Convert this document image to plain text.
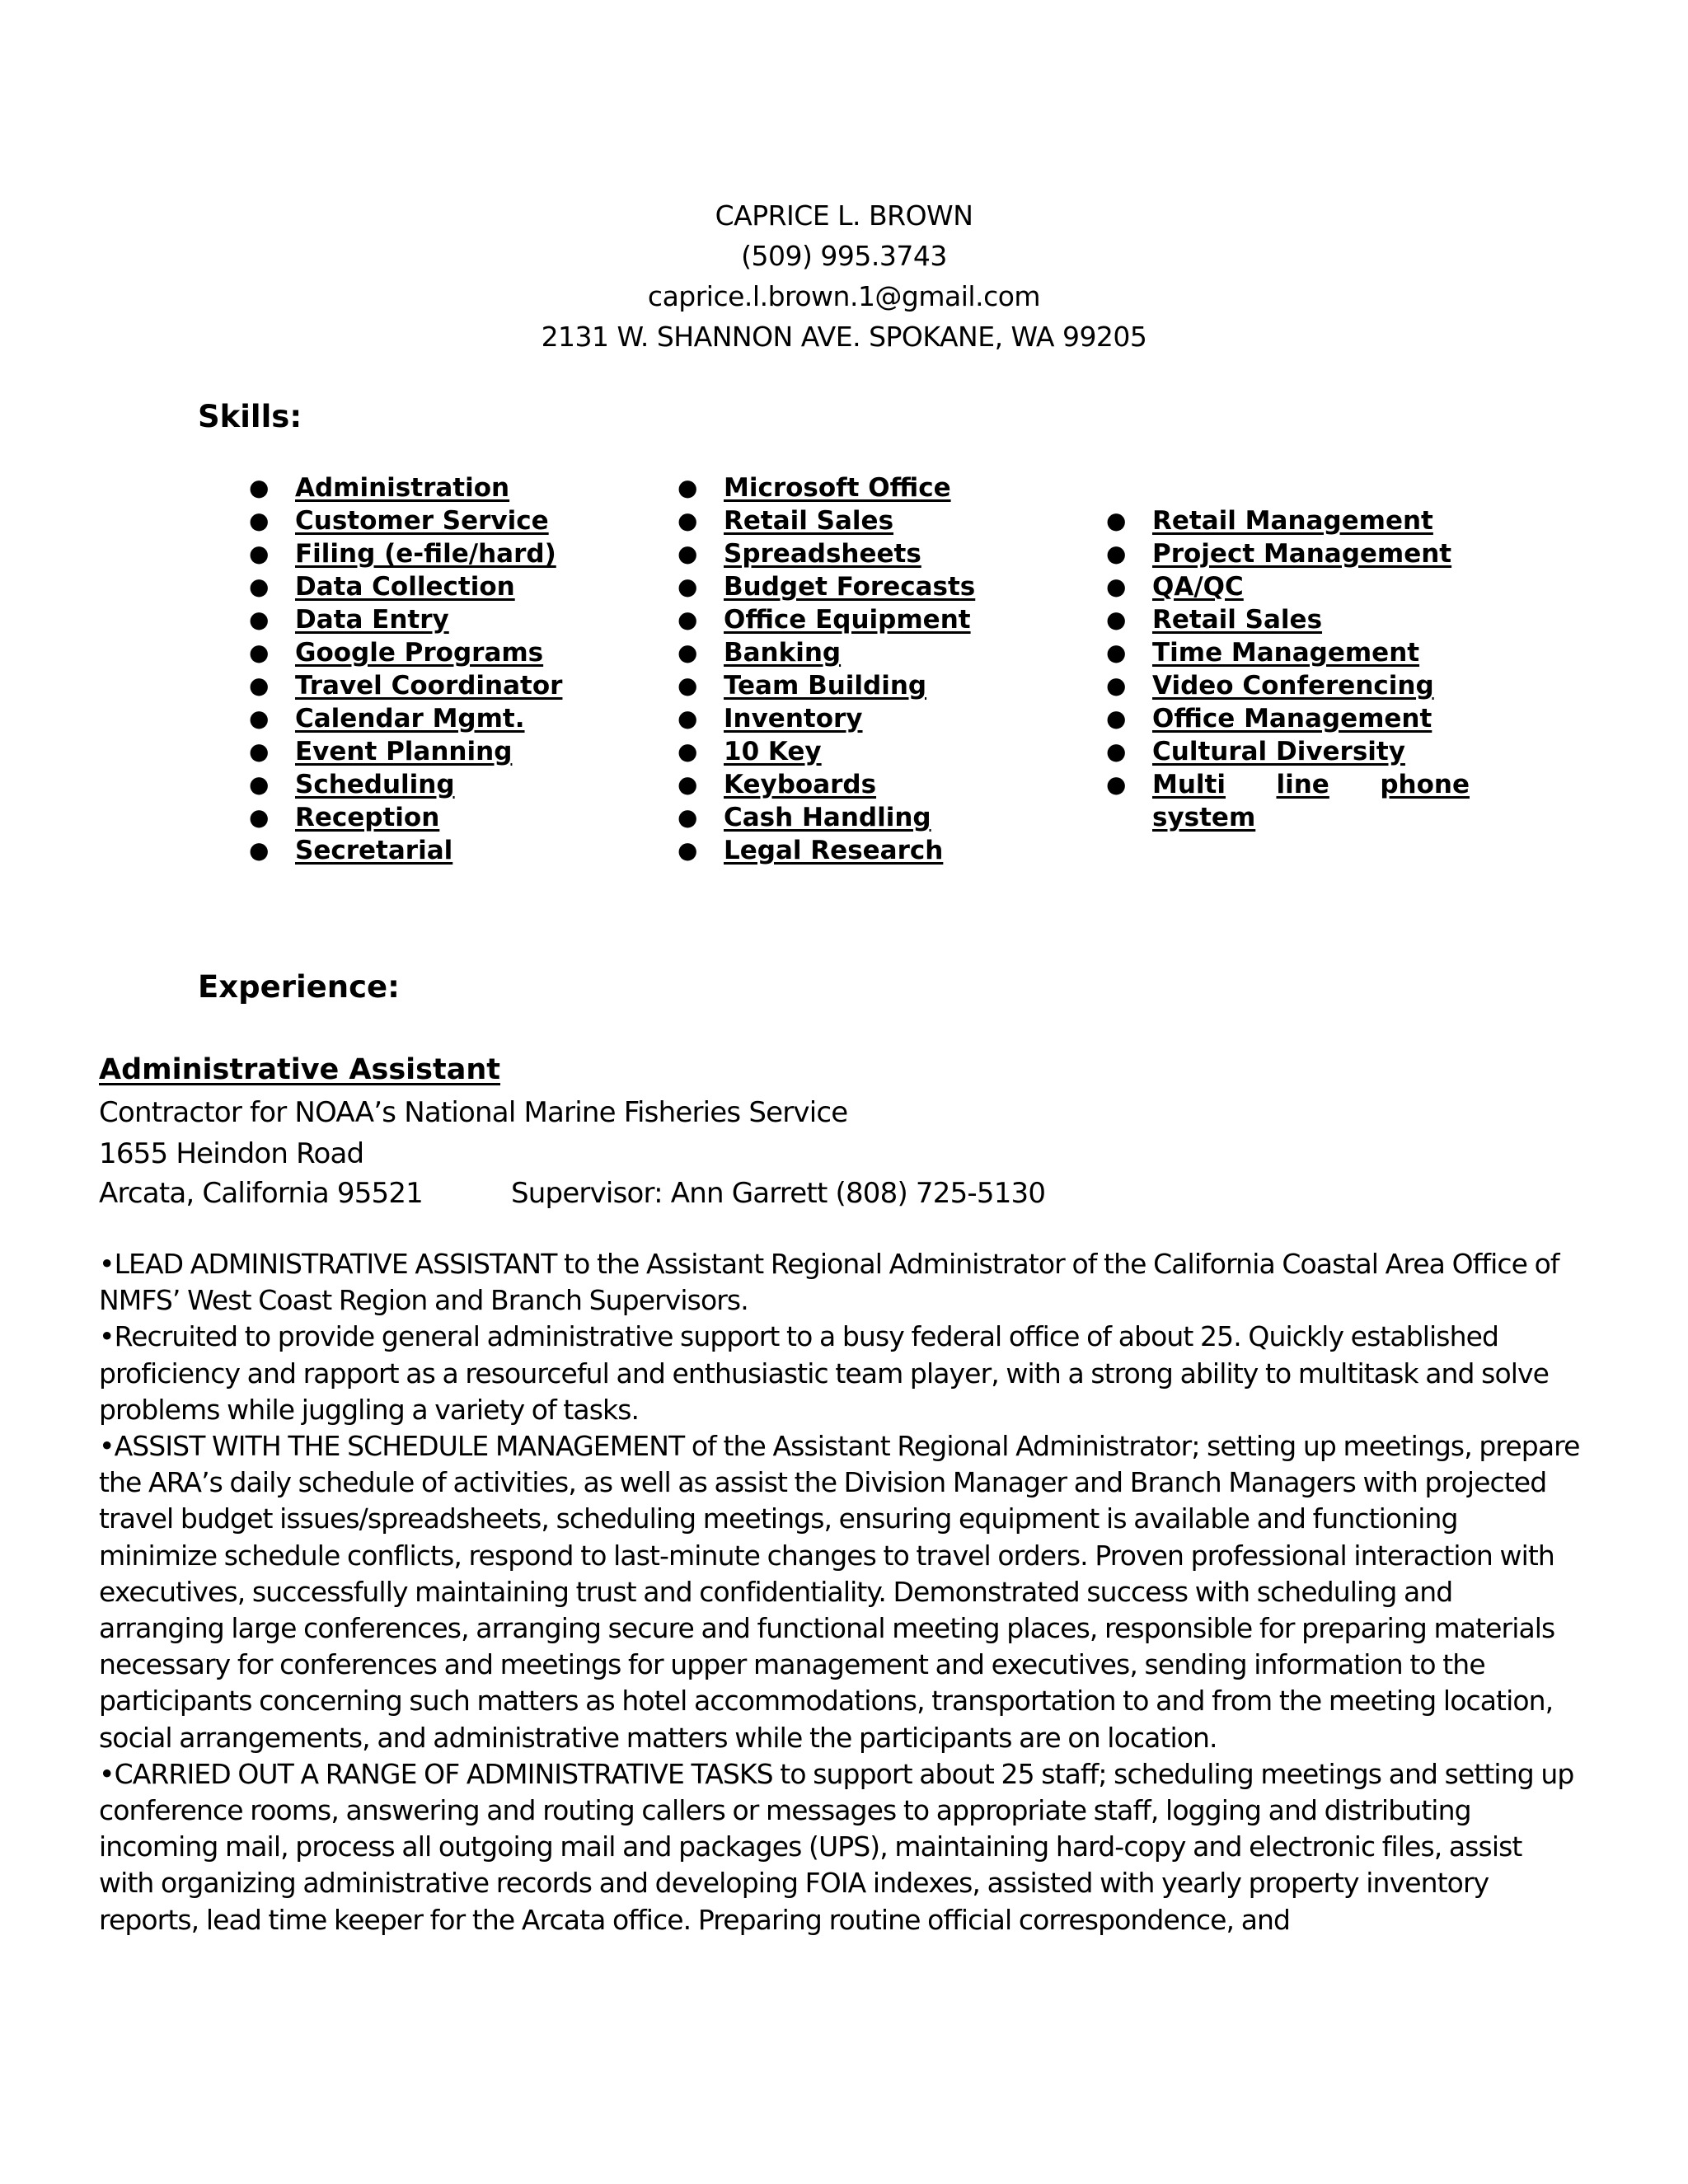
CAPRICE L. BROWN
(509) 995.3743
caprice.l.brown.1@gmail.com
2131 W. SHANNON AVE. SPOKANE, WA 99205
Skills:
● Administration
● Customer Service
● Filing (e-file/hard)
● Data Collection
● Data Entry
● Google Programs
● Travel Coordinator
● Calendar Mgmt.
● Event Planning
● Scheduling
● Reception
● Secretarial
● Microsoft Office
● Retail Sales
● Spreadsheets
● Budget Forecasts
● Office Equipment
● Banking
● Team Building
● Inventory
● 10 Key
● Keyboards
● Cash Handling
● Legal Research
● Retail Management
● Project Management
● QA/QC
● Retail Sales
● Time Management
● Video Conferencing
● Office Management
● Cultural Diversity
● Multi line phone
system
Experience:
Administrative Assistant
Contractor for NOAA’s National Marine Fisheries Service
1655 Heindon Road
Arcata, California 95521	Supervisor: Ann Garrett (808) 725-5130

•LEAD ADMINISTRATIVE ASSISTANT to the Assistant Regional Administrator of the California Coastal Area Office of NMFS’ West Coast Region and Branch Supervisors.

•Recruited to provide general administrative support to a busy federal office of about 25. Quickly established proficiency and rapport as a resourceful and enthusiastic team player, with a strong ability to multitask and solve problems while juggling a variety of tasks.

•ASSIST WITH THE SCHEDULE MANAGEMENT of the Assistant Regional Administrator; setting up meetings, prepare the ARA’s daily schedule of activities, as well as assist the Division Manager and Branch Managers with projected travel budget issues/spreadsheets, scheduling meetings, ensuring equipment is available and functioning minimize schedule conflicts, respond to last-minute changes to travel orders. Proven professional interaction with executives, successfully maintaining trust and confidentiality. Demonstrated success with scheduling and arranging large conferences, arranging secure and functional meeting places, responsible for preparing materials necessary for conferences and meetings for upper management and executives, sending information to the participants concerning such matters as hotel accommodations, transportation to and from the meeting location, social arrangements, and administrative matters while the participants are on location.

•CARRIED OUT A RANGE OF ADMINISTRATIVE TASKS to support about 25 staff; scheduling meetings and setting up conference rooms, answering and routing callers or messages to appropriate staff, logging and distributing incoming mail, process all outgoing mail and packages (UPS), maintaining hard-copy and electronic files, assist with organizing administrative records and developing FOIA indexes, assisted with yearly property inventory reports, lead time keeper for the Arcata office. Preparing routine official correspondence, and
